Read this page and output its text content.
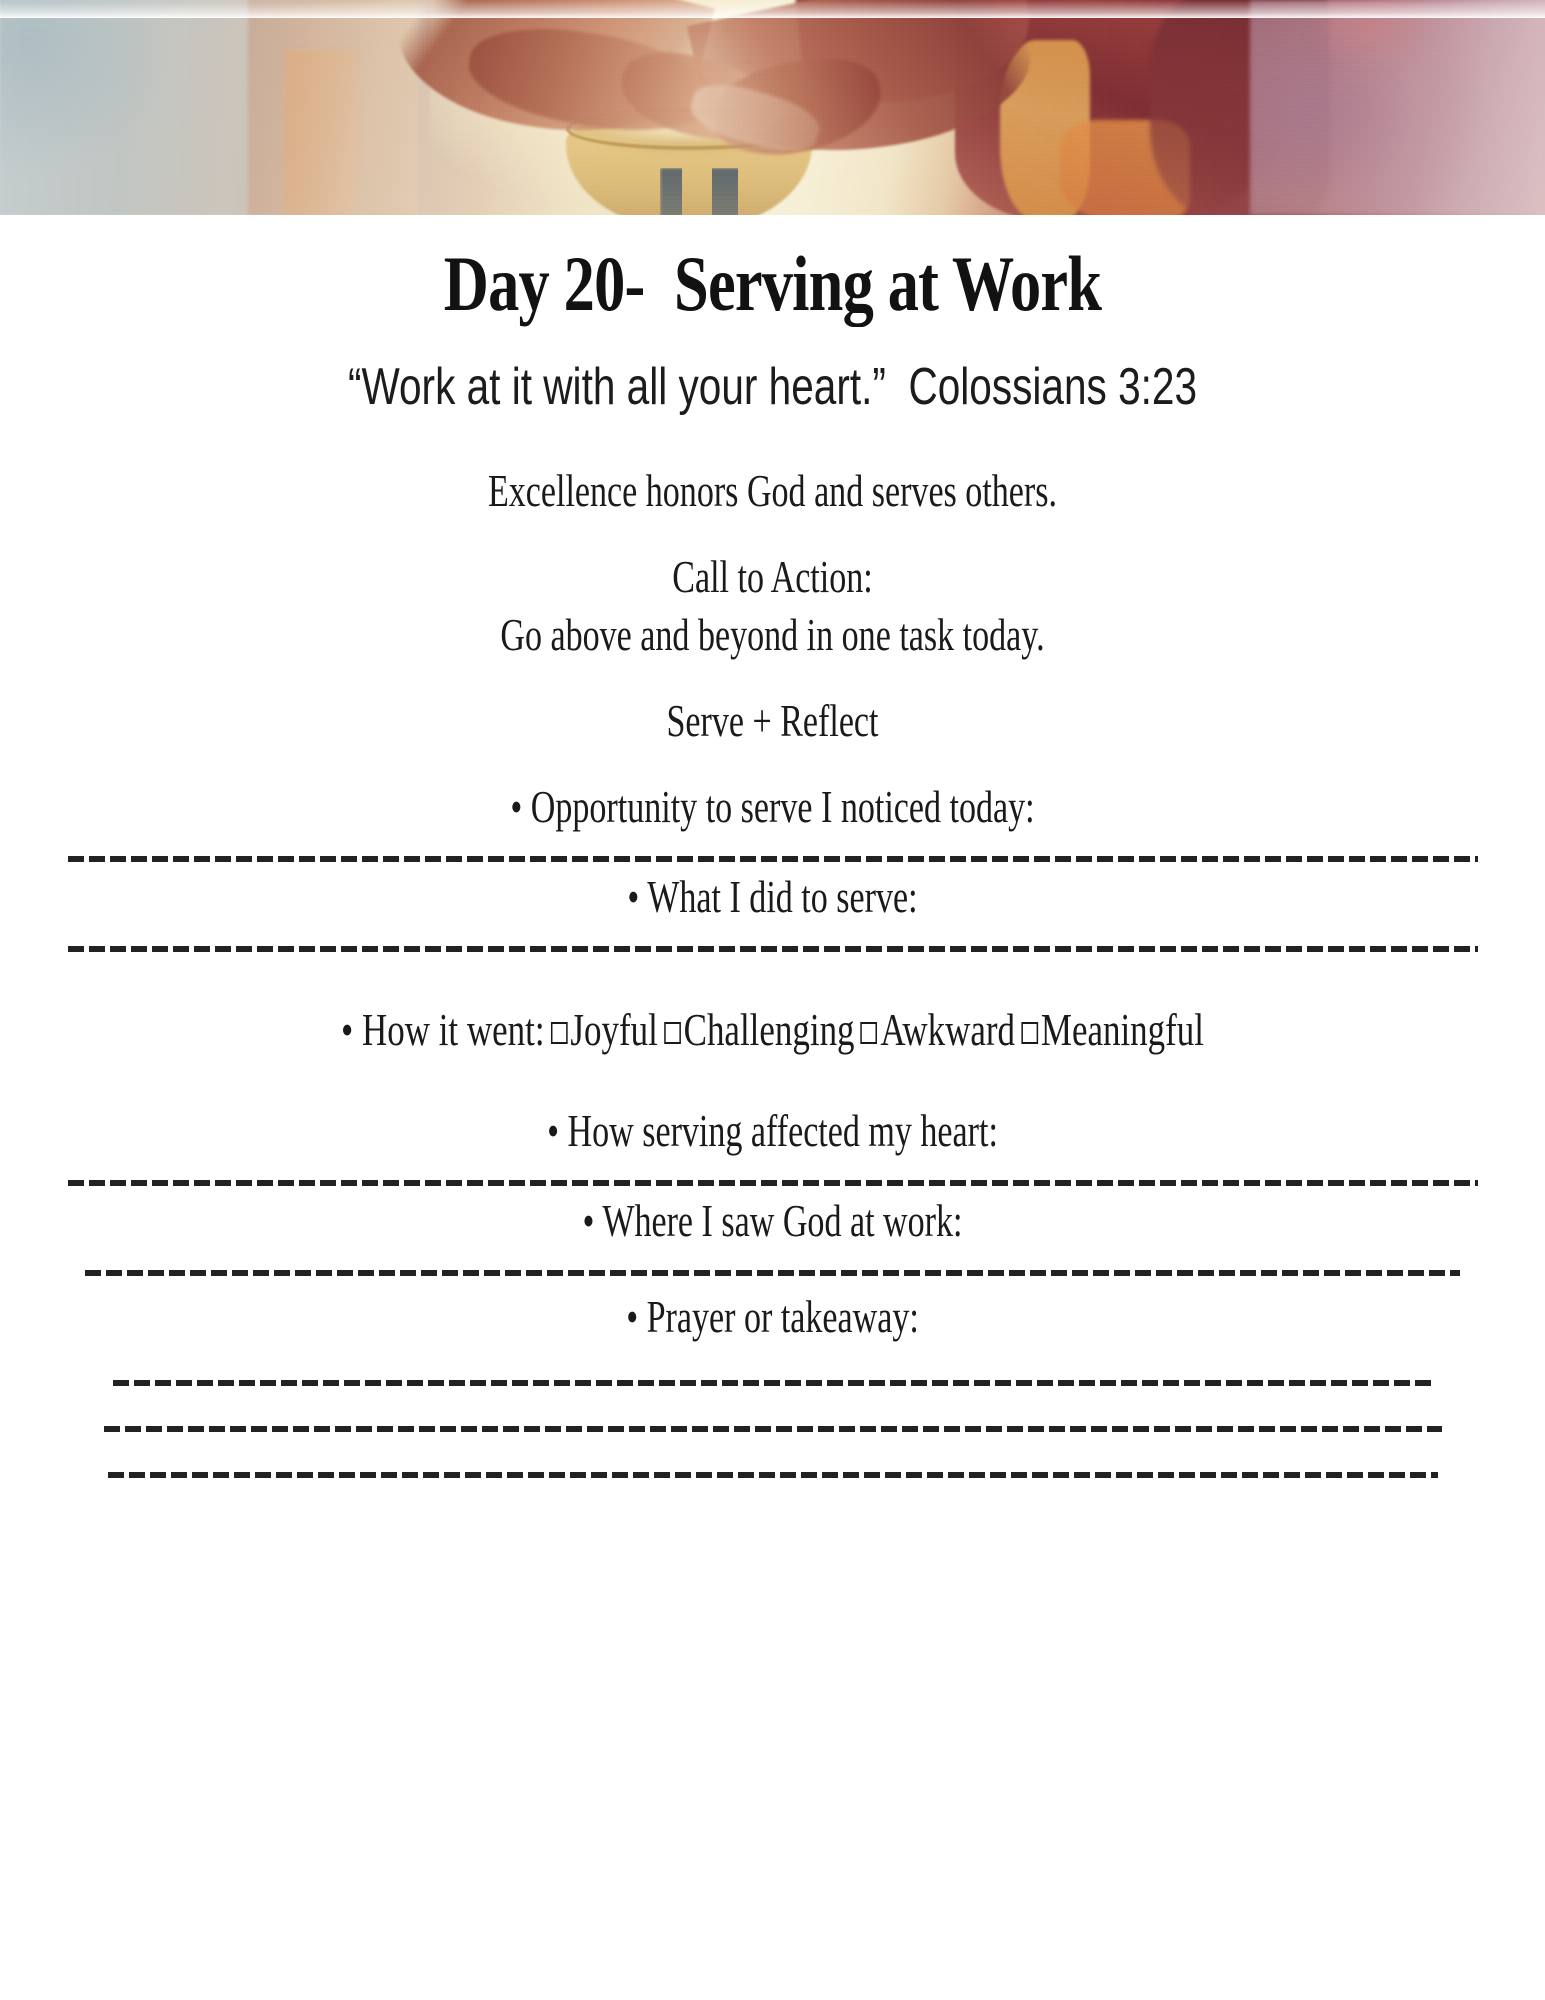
Day 20-  Serving at Work
“Work at it with all your heart.”  Colossians 3:23
Excellence honors God and serves others.
Call to Action:
Go above and beyond in one task today.
Serve + Reflect
• Opportunity to serve I noticed today:
• What I did to serve:
• How it went: Joyful Challenging Awkward Meaningful
• How serving affected my heart:
• Where I saw God at work:
• Prayer or takeaway:
